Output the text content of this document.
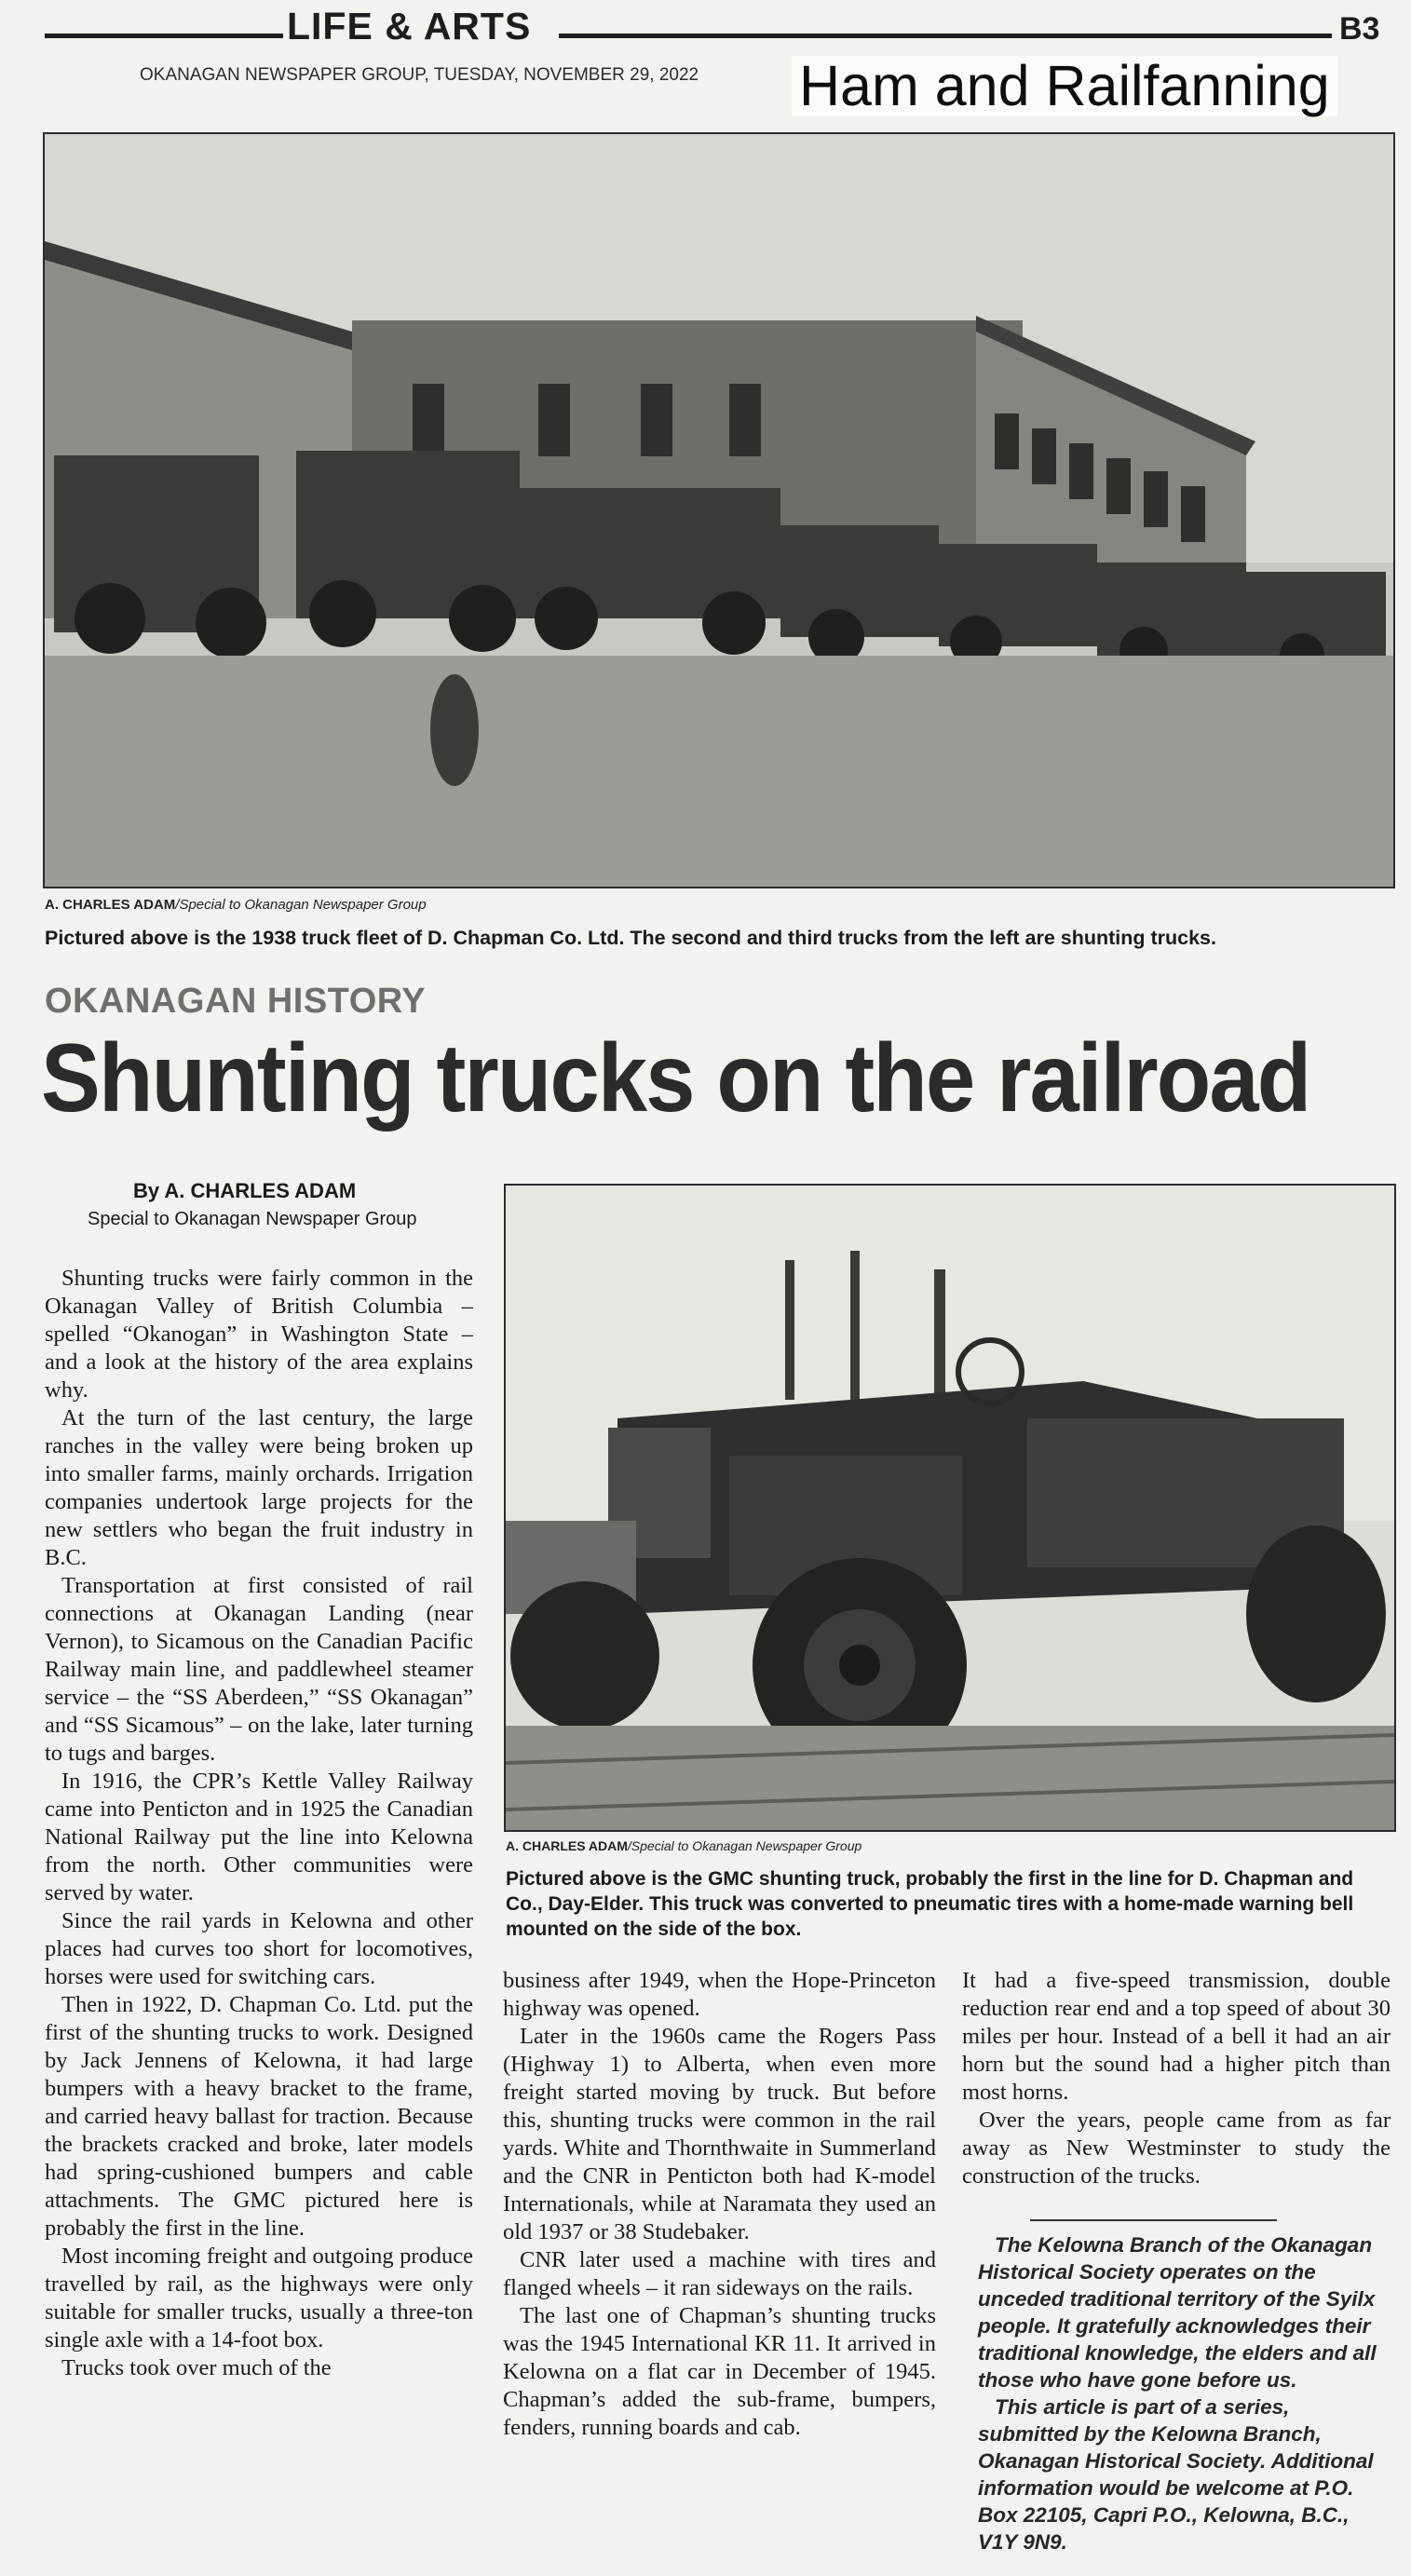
LIFE & ARTS	B3
OKANAGAN NEWSPAPER GROUP, TUESDAY, NOVEMBER 29, 2022 Ham and Railfanning
A. CHARLES ADAM/Special to Okanagan Newspaper Group
Pictured above is the 1938 truck fleet of D. Chapman Co. Ltd. The second and third trucks from the left are shunting trucks.
OKANAGAN HISTORY
Shunting trucks on the railroad
By A. CHARLES ADAM
Special to Okanagan Newspaper Group
A. CHARLES ADAM/Special to Okanagan Newspaper Group
Pictured above is the GMC shunting truck, probably the first in the line for D. Chapman and Co., Day-Elder. This truck was converted to pneumatic tires with a home-made warning bell mounted on the side of the box.

Shunting trucks were fairly common in the Okanagan Valley of British Columbia – spelled “Okanogan” in Washington State – and a look at the history of the area explains why.

At the turn of the last century, the large ranches in the valley were being broken up into smaller farms, mainly orchards. Irrigation companies undertook large projects for the new settlers who began the fruit industry in B.C.

Transportation at first consisted of rail connections at Okanagan Landing (near Vernon), to Sicamous on the Canadian Pacific Railway main line, and paddlewheel steamer service – the “SS Aberdeen,” “SS Okanagan” and “SS Sicamous” – on the lake, later turning to tugs and barges.

In 1916, the CPR’s Kettle Valley Railway came into Penticton and in 1925 the Canadian National Railway put the line into Kelowna from the north. Other communities were served by water.

Since the rail yards in Kelowna and other places had curves too short for locomotives, horses were used for switching cars.

Then in 1922, D. Chapman Co. Ltd. put the first of the shunting trucks to work. Designed by Jack Jennens of Kelowna, it had large bumpers with a heavy bracket to the frame, and carried heavy ballast for traction. Because the brackets cracked and broke, later models had spring-cushioned bumpers and cable attachments. The GMC pictured here is probably the first in the line.

Most incoming freight and outgoing produce travelled by rail, as the highways were only suitable for smaller trucks, usually a three-ton single axle with a 14-foot box.

Trucks took over much of the

business after 1949, when the Hope-Princeton highway was opened.

Later in the 1960s came the Rogers Pass (Highway 1) to Alberta, when even more freight started moving by truck. But before this, shunting trucks were common in the rail yards. White and Thornthwaite in Summerland and the CNR in Penticton both had K-model Internationals, while at Naramata they used an old 1937 or 38 Studebaker.

CNR later used a machine with tires and flanged wheels – it ran sideways on the rails.

The last one of Chapman’s shunting trucks was the 1945 International KR 11. It arrived in Kelowna on a flat car in December of 1945. Chapman’s added the sub-frame, bumpers, fenders, running boards and cab.

It had a five-speed transmission, double reduction rear end and a top speed of about 30 miles per hour. Instead of a bell it had an air horn but the sound had a higher pitch than most horns.

Over the years, people came from as far away as New Westminster to study the construction of the trucks.

The Kelowna Branch of the Okanagan Historical Society operates on the unceded traditional territory of the Syilx people. It gratefully acknowledges their traditional knowledge, the elders and all those who have gone before us.

This article is part of a series, submitted by the Kelowna Branch, Okanagan Historical Society. Additional information would be welcome at P.O. Box 22105, Capri P.O., Kelowna, B.C., V1Y 9N9.
